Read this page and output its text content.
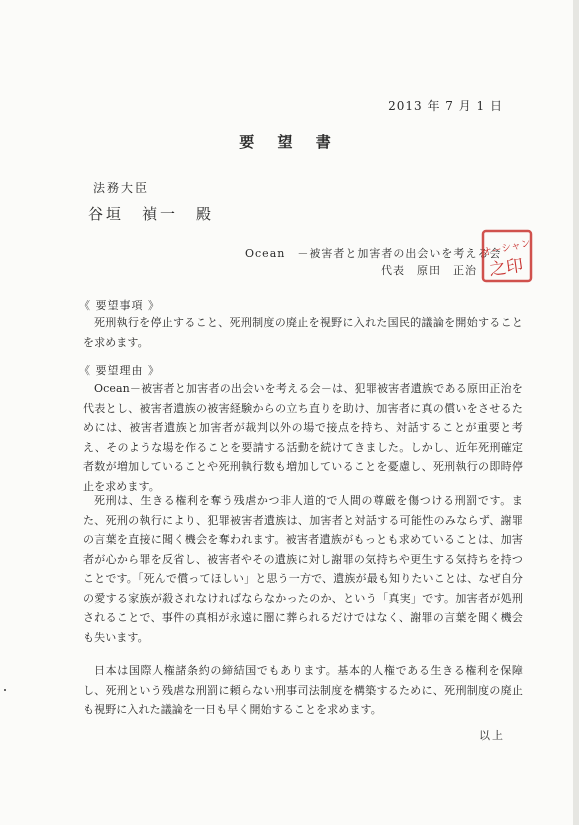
2013 年 7 月 1 日
要 望 書
法務大臣
谷垣　禎一　殿
Ocean　－被害者と加害者の出会いを考える会
代表　原田　正治
オーシャン
之印
《 要望事項 》
死刑執行を停止すること、死刑制度の廃止を視野に入れた国民的議論を開始することを求めます。
《 要望理由 》
Ocean－被害者と加害者の出会いを考える会－は、犯罪被害者遺族である原田正治を代表とし、被害者遺族の被害経験からの立ち直りを助け、加害者に真の償いをさせるためには、被害者遺族と加害者が裁判以外の場で接点を持ち、対話することが重要と考え、そのような場を作ることを要請する活動を続けてきました。しかし、近年死刑確定者数が増加していることや死刑執行数も増加していることを憂慮し、死刑執行の即時停止を求めます。
死刑は、生きる権利を奪う残虐かつ非人道的で人間の尊厳を傷つける刑罰です。また、死刑の執行により、犯罪被害者遺族は、加害者と対話する可能性のみならず、謝罪の言葉を直接に聞く機会を奪われます。被害者遺族がもっとも求めていることは、加害者が心から罪を反省し、被害者やその遺族に対し謝罪の気持ちや更生する気持ちを持つことです。「死んで償ってほしい」と思う一方で、遺族が最も知りたいことは、なぜ自分の愛する家族が殺されなければならなかったのか、という「真実」です。加害者が処刑されることで、事件の真相が永遠に闇に葬られるだけではなく、謝罪の言葉を聞く機会も失います。
日本は国際人権諸条約の締結国でもあります。基本的人権である生きる権利を保障し、死刑という残虐な刑罰に頼らない刑事司法制度を構築するために、死刑制度の廃止も視野に入れた議論を一日も早く開始することを求めます。
以上
